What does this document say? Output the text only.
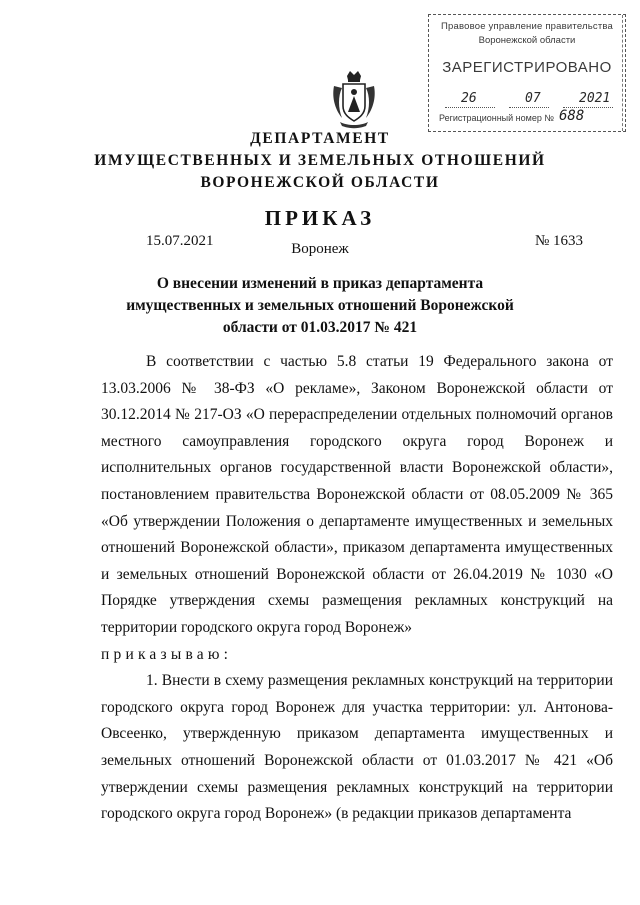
Правовое управление правительства
Воронежской области
ЗАРЕГИСТРИРОВАНО
26	07	2021
Регистрационный номер № 688
ДЕПАРТАМЕНТ
ИМУЩЕСТВЕННЫХ И ЗЕМЕЛЬНЫХ ОТНОШЕНИЙ
ВОРОНЕЖСКОЙ ОБЛАСТИ
ПРИКАЗ
15.07.2021	№ 1633
Воронеж
О внесении изменений в приказ департамента имущественных и земельных отношений Воронежской области от 01.03.2017 № 421

В соответствии с частью 5.8 статьи 19 Федерального закона от 13.03.2006 № 38-ФЗ «О рекламе», Законом Воронежской области от 30.12.2014 № 217-ОЗ «О перераспределении отдельных полномочий органов местного самоуправления городского округа город Воронеж и исполнительных органов государственной власти Воронежской области», постановлением правительства Воронежской области от 08.05.2009 № 365 «Об утверждении Положения о департаменте имущественных и земельных отношений Воронежской области», приказом департамента имущественных и земельных отношений Воронежской области от 26.04.2019 № 1030 «О Порядке утверждения схемы размещения рекламных конструкций на территории городского округа город Воронеж»

приказываю:

1. Внести в схему размещения рекламных конструкций на территории городского округа город Воронеж для участка территории: ул. Антонова-Овсеенко, утвержденную приказом департамента имущественных и земельных отношений Воронежской области от 01.03.2017 № 421 «Об утверждении схемы размещения рекламных конструкций на территории городского округа город Воронеж» (в редакции приказов департамента
